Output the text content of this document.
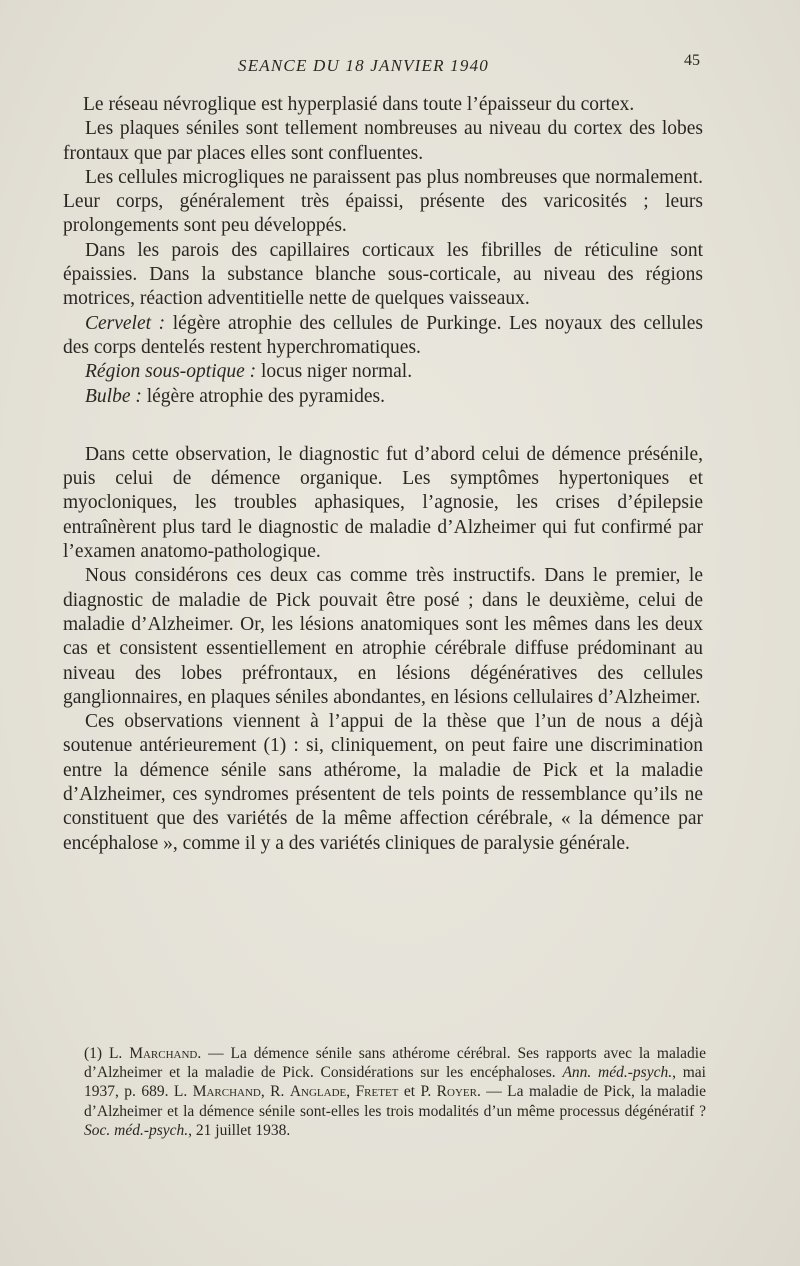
SEANCE DU 18 JANVIER 1940	45

Le réseau névroglique est hyperplasié dans toute l’épaisseur du cortex.

Les plaques séniles sont tellement nombreuses au niveau du cortex des lobes frontaux que par places elles sont confluentes.

Les cellules microgliques ne paraissent pas plus nombreuses que normalement. Leur corps, généralement très épaissi, présente des varicosités ; leurs prolongements sont peu développés.

Dans les parois des capillaires corticaux les fibrilles de réticuline sont épaissies. Dans la substance blanche sous-corticale, au niveau des régions motrices, réaction adventitielle nette de quelques vaisseaux.

Cervelet : légère atrophie des cellules de Purkinge. Les noyaux des cellules des corps dentelés restent hyperchromatiques.

Région sous-optique : locus niger normal.

Bulbe : légère atrophie des pyramides.

Dans cette observation, le diagnostic fut d’abord celui de démence présénile, puis celui de démence organique. Les symptômes hypertoniques et myocloniques, les troubles aphasiques, l’agnosie, les crises d’épilepsie entraînèrent plus tard le diagnostic de maladie d’Alzheimer qui fut confirmé par l’examen anatomo-pathologique.

Nous considérons ces deux cas comme très instructifs. Dans le premier, le diagnostic de maladie de Pick pouvait être posé ; dans le deuxième, celui de maladie d’Alzheimer. Or, les lésions anatomiques sont les mêmes dans les deux cas et consistent essentiellement en atrophie cérébrale diffuse prédominant au niveau des lobes préfrontaux, en lésions dégénératives des cellules ganglionnaires, en plaques séniles abondantes, en lésions cellulaires d’Alzheimer.

Ces observations viennent à l’appui de la thèse que l’un de nous a déjà soutenue antérieurement (1) : si, cliniquement, on peut faire une discrimination entre la démence sénile sans athérome, la maladie de Pick et la maladie d’Alzheimer, ces syndromes présentent de tels points de ressemblance qu’ils ne constituent que des variétés de la même affection cérébrale, « la démence par encéphalose », comme il y a des variétés cliniques de paralysie générale.

(1) L. Marchand. — La démence sénile sans athérome cérébral. Ses rapports avec la maladie d’Alzheimer et la maladie de Pick. Considérations sur les encéphaloses. Ann. méd.-psych., mai 1937, p. 689. L. Marchand, R. Anglade, Fretet et P. Royer. — La maladie de Pick, la maladie d’Alzheimer et la démence sénile sont-elles les trois modalités d’un même processus dégénératif ? Soc. méd.-psych., 21 juillet 1938.
